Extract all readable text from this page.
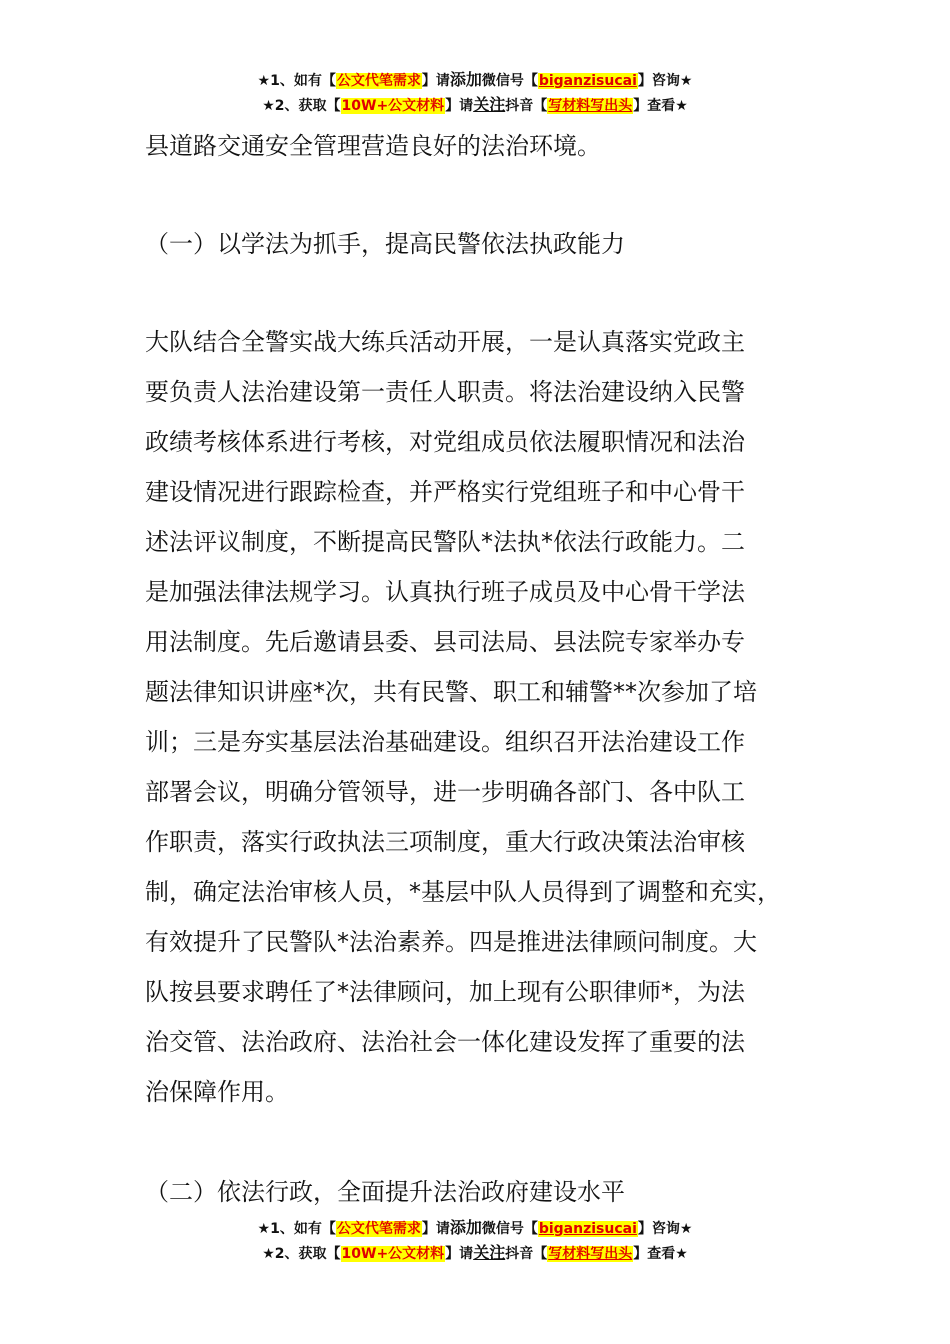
★1、如有【公文代笔需求】请添加微信号【biganzisucai】咨询★
★2、获取【10W+公文材料】请关注抖音【写材料写出头】查看★

县道路交通安全管理营造良好的法治环境。

（一）以学法为抓手，提高民警依法执政能力

大队结合全警实战大练兵活动开展，一是认真落实党政主

要负责人法治建设第一责任人职责。将法治建设纳入民警

政绩考核体系进行考核，对党组成员依法履职情况和法治

建设情况进行跟踪检查，并严格实行党组班子和中心骨干

述法评议制度，不断提高民警队*法执*依法行政能力。二

是加强法律法规学习。认真执行班子成员及中心骨干学法

用法制度。先后邀请县委、县司法局、县法院专家举办专

题法律知识讲座*次，共有民警、职工和辅警**次参加了培

训；三是夯实基层法治基础建设。组织召开法治建设工作

部署会议，明确分管领导，进一步明确各部门、各中队工

作职责，落实行政执法三项制度，重大行政决策法治审核

制，确定法治审核人员，*基层中队人员得到了调整和充实，

有效提升了民警队*法治素养。四是推进法律顾问制度。大

队按县要求聘任了*法律顾问，加上现有公职律师*，为法

治交管、法治政府、法治社会一体化建设发挥了重要的法

治保障作用。

（二）依法行政，全面提升法治政府建设水平

★1、如有【公文代笔需求】请添加微信号【biganzisucai】咨询★
★2、获取【10W+公文材料】请关注抖音【写材料写出头】查看★
